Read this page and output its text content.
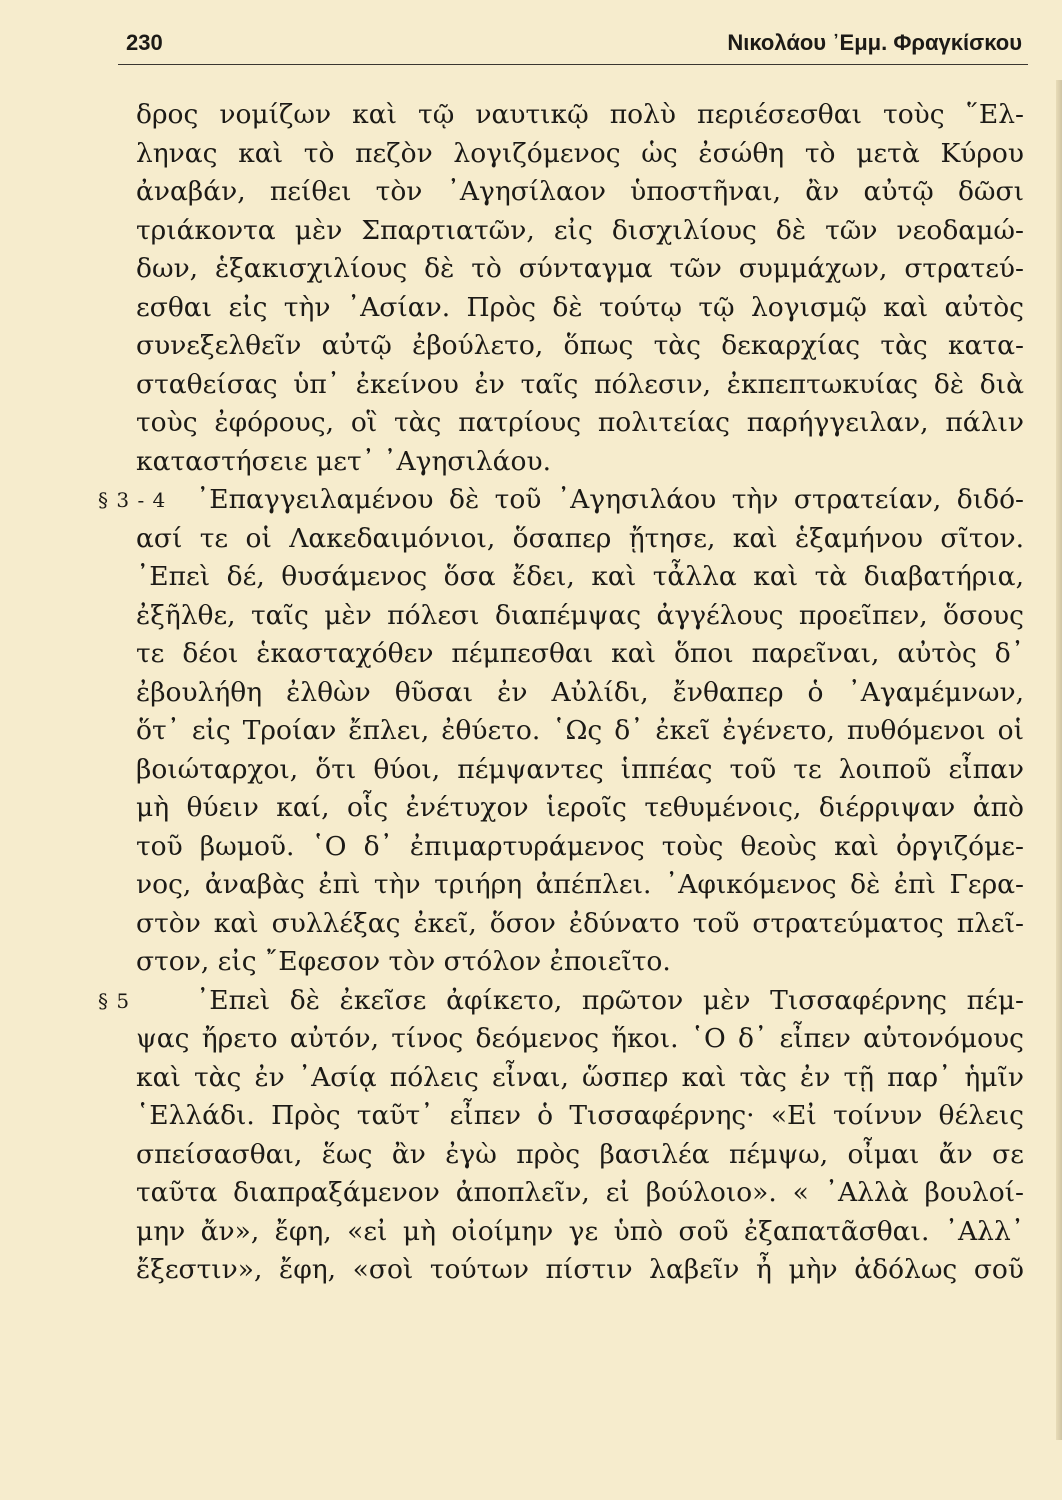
230	Νικολάου ᾿Εμμ. Φραγκίσκου
δρος νομίζων καὶ τῷ ναυτικῷ πολὺ περιέσεσθαι τοὺς ῞Ελ-
ληνας καὶ τὸ πεζὸν λογιζόμενος ὡς ἐσώθη τὸ μετὰ Κύρου
ἀναβάν, πείθει τὸν ᾿Αγησίλαον ὑποστῆναι, ἂν αὐτῷ δῶσι
τριάκοντα μὲν Σπαρτιατῶν, εἰς δισχιλίους δὲ τῶν νεοδαμώ-
δων, ἑξακισχιλίους δὲ τὸ σύνταγμα τῶν συμμάχων, στρατεύ-
εσθαι εἰς τὴν ᾿Ασίαν. Πρὸς δὲ τούτῳ τῷ λογισμῷ καὶ αὐτὸς
συνεξελθεῖν αὐτῷ ἐβούλετο, ὅπως τὰς δεκαρχίας τὰς κατα-
σταθείσας ὑπ᾿ ἐκείνου ἐν ταῖς πόλεσιν, ἐκπεπτωκυίας δὲ διὰ
τοὺς ἐφόρους, οἳ τὰς πατρίους πολιτείας παρήγγειλαν, πάλιν
καταστήσειε μετ᾿ ᾿Αγησιλάου.
§ 3 - 4 ᾿Επαγγειλαμένου δὲ τοῦ ᾿Αγησιλάου τὴν στρατείαν, διδό-
ασί τε οἱ Λακεδαιμόνιοι, ὅσαπερ ᾔτησε, καὶ ἑξαμήνου σῖτον.
᾿Επεὶ δέ, θυσάμενος ὅσα ἔδει, καὶ τἆλλα καὶ τὰ διαβατήρια,
ἐξῆλθε, ταῖς μὲν πόλεσι διαπέμψας ἀγγέλους προεῖπεν, ὅσους
τε δέοι ἑκασταχόθεν πέμπεσθαι καὶ ὅποι παρεῖναι, αὐτὸς δ᾿
ἐβουλήθη ἐλθὼν θῦσαι ἐν Αὐλίδι, ἔνθαπερ ὁ ᾿Αγαμέμνων,
ὅτ᾿ εἰς Τροίαν ἔπλει, ἐθύετο. ῾Ως δ᾿ ἐκεῖ ἐγένετο, πυθόμενοι οἱ
βοιώταρχοι, ὅτι θύοι, πέμψαντες ἱππέας τοῦ τε λοιποῦ εἶπαν
μὴ θύειν καί, οἷς ἐνέτυχον ἱεροῖς τεθυμένοις, διέρριψαν ἀπὸ
τοῦ βωμοῦ. ῾Ο δ᾿ ἐπιμαρτυράμενος τοὺς θεοὺς καὶ ὀργιζόμε-
νος, ἀναβὰς ἐπὶ τὴν τριήρη ἀπέπλει. ᾿Αφικόμενος δὲ ἐπὶ Γερα-
στὸν καὶ συλλέξας ἐκεῖ, ὅσον ἐδύνατο τοῦ στρατεύματος πλεῖ-
στον, εἰς ῎Εφεσον τὸν στόλον ἐποιεῖτο.
§ 5 ᾿Επεὶ δὲ ἐκεῖσε ἀφίκετο, πρῶτον μὲν Τισσαφέρνης πέμ-
ψας ἤρετο αὐτόν, τίνος δεόμενος ἥκοι. ῾Ο δ᾿ εἶπεν αὐτονόμους
καὶ τὰς ἐν ᾿Ασίᾳ πόλεις εἶναι, ὥσπερ καὶ τὰς ἐν τῇ παρ᾿ ἡμῖν
῾Ελλάδι. Πρὸς ταῦτ᾿ εἶπεν ὁ Τισσαφέρνης· «Εἰ τοίνυν θέλεις
σπείσασθαι, ἕως ἂν ἐγὼ πρὸς βασιλέα πέμψω, οἶμαι ἄν σε
ταῦτα διαπραξάμενον ἀποπλεῖν, εἰ βούλοιο». « ᾿Αλλὰ βουλοί-
μην ἄν», ἔφη, «εἰ μὴ οἰοίμην γε ὑπὸ σοῦ ἐξαπατᾶσθαι. ᾿Αλλ᾿
ἔξεστιν», ἔφη, «σοὶ τούτων πίστιν λαβεῖν ἦ μὴν ἀδόλως σοῦ
